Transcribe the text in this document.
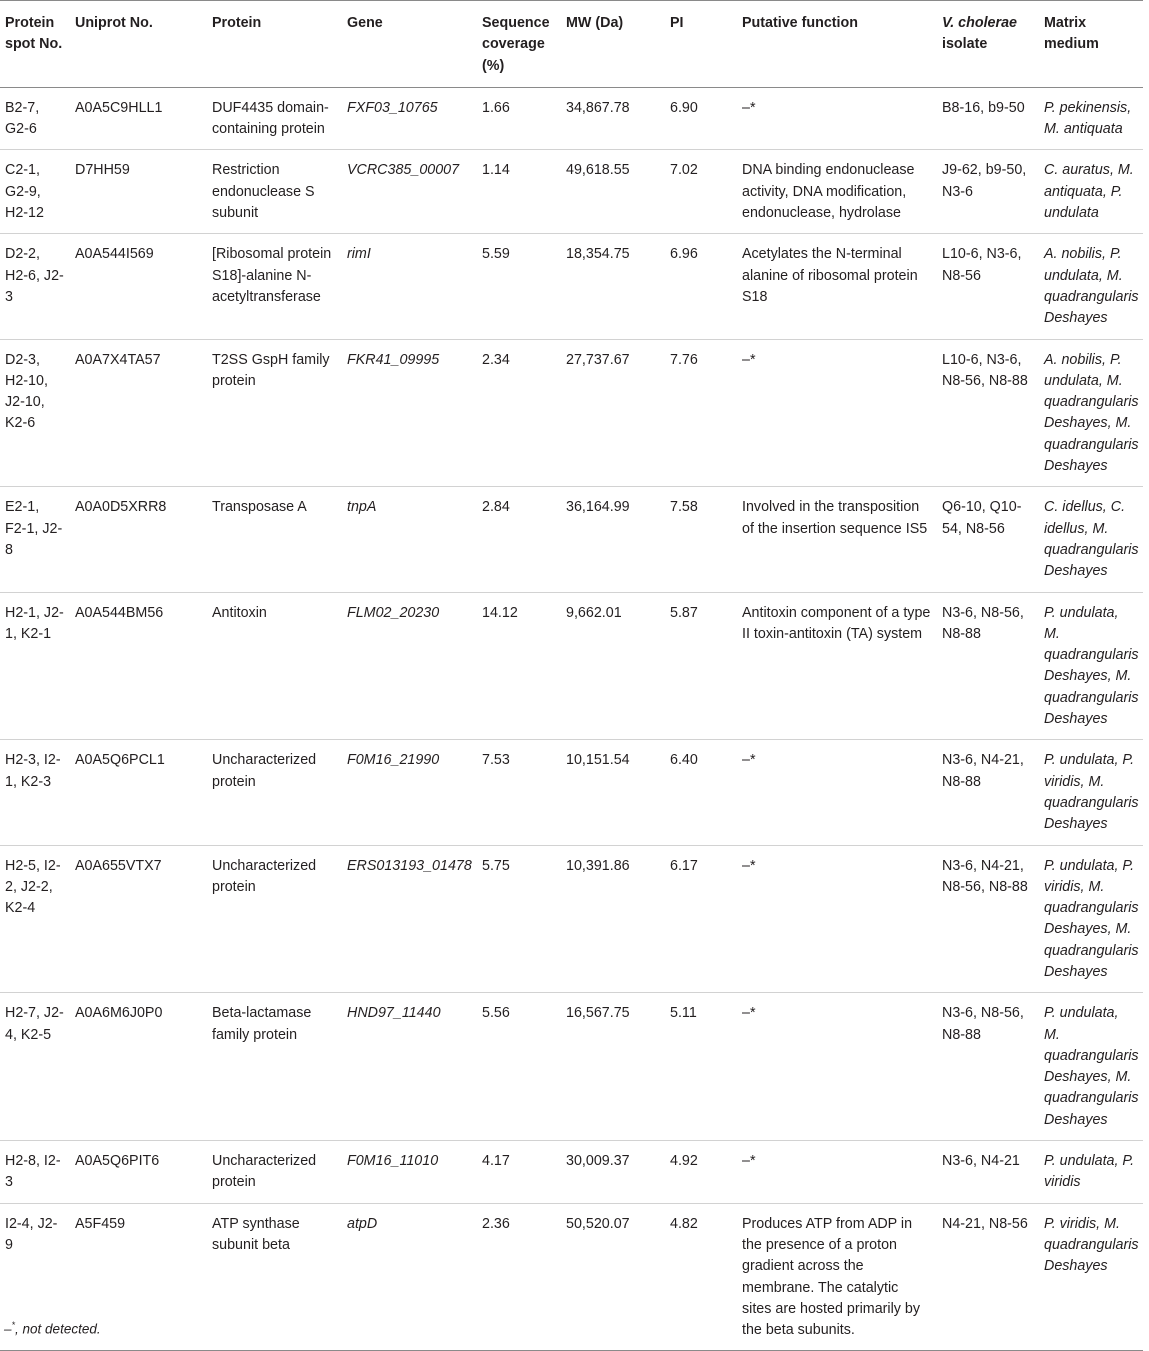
Protein spot No.	Uniprot No.	Protein	Gene	Sequence coverage (%)	MW (Da)	PI	Putative function	V. cholerae isolate	Matrix medium
B2-7, G2-6	A0A5C9HLL1	DUF4435 domain-containing protein	FXF03_10765	1.66	34,867.78	6.90	–*	B8-16, b9-50	P. pekinensis, M. antiquata
C2-1, G2-9, H2-12	D7HH59	Restriction endonuclease S subunit	VCRC385_00007	1.14	49,618.55	7.02	DNA binding endonuclease activity, DNA modification, endonuclease, hydrolase	J9-62, b9-50, N3-6	C. auratus, M. antiquata, P. undulata
D2-2, H2-6, J2-3	A0A544I569	[Ribosomal protein S18]-alanine N-acetyltransferase	rimI	5.59	18,354.75	6.96	Acetylates the N-terminal alanine of ribosomal protein S18	L10-6, N3-6, N8-56	A. nobilis, P. undulata, M. quadrangularis Deshayes
D2-3, H2-10, J2-10, K2-6	A0A7X4TA57	T2SS GspH family protein	FKR41_09995	2.34	27,737.67	7.76	–*	L10-6, N3-6, N8-56, N8-88	A. nobilis, P. undulata, M. quadrangularis Deshayes, M. quadrangularis Deshayes
E2-1, F2-1, J2-8	A0A0D5XRR8	Transposase A	tnpA	2.84	36,164.99	7.58	Involved in the transposition of the insertion sequence IS5	Q6-10, Q10-54, N8-56	C. idellus, C. idellus, M. quadrangularis Deshayes
H2-1, J2-1, K2-1	A0A544BM56	Antitoxin	FLM02_20230	14.12	9,662.01	5.87	Antitoxin component of a type II toxin-antitoxin (TA) system	N3-6, N8-56, N8-88	P. undulata, M. quadrangularis Deshayes, M. quadrangularis Deshayes
H2-3, I2-1, K2-3	A0A5Q6PCL1	Uncharacterized protein	F0M16_21990	7.53	10,151.54	6.40	–*	N3-6, N4-21, N8-88	P. undulata, P. viridis, M. quadrangularis Deshayes
H2-5, I2-2, J2-2, K2-4	A0A655VTX7	Uncharacterized protein	ERS013193_01478	5.75	10,391.86	6.17	–*	N3-6, N4-21, N8-56, N8-88	P. undulata, P. viridis, M. quadrangularis Deshayes, M. quadrangularis Deshayes
H2-7, J2-4, K2-5	A0A6M6J0P0	Beta-lactamase family protein	HND97_11440	5.56	16,567.75	5.11	–*	N3-6, N8-56, N8-88	P. undulata, M. quadrangularis Deshayes, M. quadrangularis Deshayes
H2-8, I2-3	A0A5Q6PIT6	Uncharacterized protein	F0M16_11010	4.17	30,009.37	4.92	–*	N3-6, N4-21	P. undulata, P. viridis
I2-4, J2-9	A5F459	ATP synthase subunit beta	atpD	2.36	50,520.07	4.82	Produces ATP from ADP in the presence of a proton gradient across the membrane. The catalytic sites are hosted primarily by the beta subunits.	N4-21, N8-56	P. viridis, M. quadrangularis Deshayes
–*, not detected.
